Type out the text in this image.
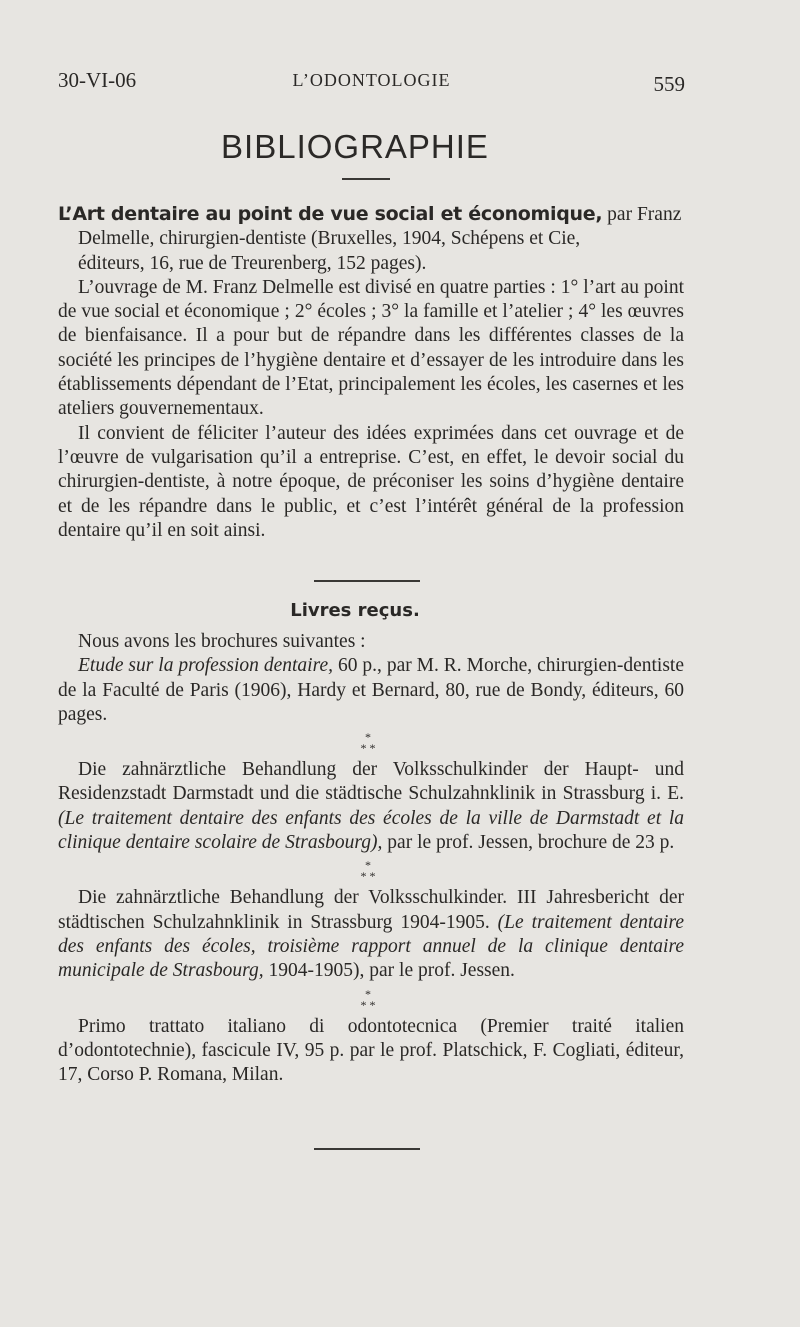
30-VI-06	L’ODONTOLOGIE	559
BIBLIOGRAPHIE
L’Art dentaire au point de vue social et économique, par Franz
Delmelle, chirurgien-dentiste (Bruxelles, 1904, Schépens et Cie,
éditeurs, 16, rue de Treurenberg, 152 pages).

L’ouvrage de M. Franz Delmelle est divisé en quatre parties : 1° l’art au point de vue social et économique ; 2° écoles ; 3° la famille et l’atelier ; 4° les œuvres de bienfaisance. Il a pour but de répandre dans les différentes classes de la société les principes de l’hygiène dentaire et d’essayer de les introduire dans les établissements dépendant de l’Etat, principalement les écoles, les casernes et les ateliers gouvernementaux.

Il convient de féliciter l’auteur des idées exprimées dans cet ouvrage et de l’œuvre de vulgarisation qu’il a entreprise. C’est, en effet, le devoir social du chirurgien-dentiste, à notre époque, de préconiser les soins d’hygiène dentaire et de les répandre dans le public, et c’est l’intérêt général de la profession dentaire qu’il en soit ainsi.

Livres reçus.

Nous avons les brochures suivantes :

Etude sur la profession dentaire, 60 p., par M. R. Morche, chirurgien-dentiste de la Faculté de Paris (1906), Hardy et Bernard, 80, rue de Bondy, éditeurs, 60 pages.

*
* *

Die zahnärztliche Behandlung der Volksschulkinder der Haupt- und Residenzstadt Darmstadt und die städtische Schulzahnklinik in Strassburg i. E. (Le traitement dentaire des enfants des écoles de la ville de Darmstadt et la clinique dentaire scolaire de Strasbourg), par le prof. Jessen, brochure de 23 p.

*
* *

Die zahnärztliche Behandlung der Volksschulkinder. III Jahresbericht der städtischen Schulzahnklinik in Strassburg 1904-1905. (Le traitement dentaire des enfants des écoles, troisième rapport annuel de la clinique dentaire municipale de Strasbourg, 1904-1905), par le prof. Jessen.

*
* *

Primo trattato italiano di odontotecnica (Premier traité italien d’odontotechnie), fascicule IV, 95 p. par le prof. Platschick, F. Cogliati, éditeur, 17, Corso P. Romana, Milan.
